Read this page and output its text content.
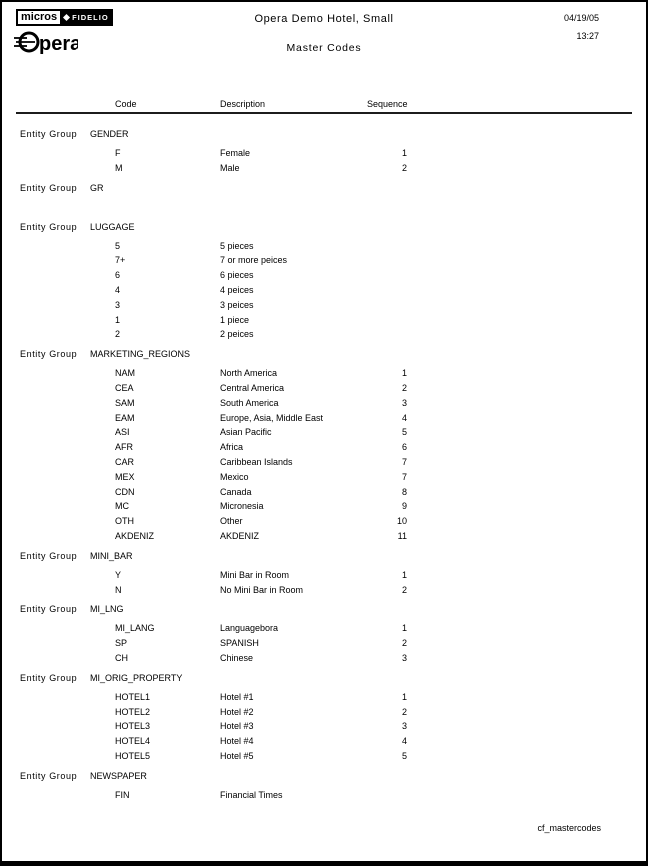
micros	FIDELIO
pera
Opera Demo Hotel, Small
Master Codes
04/19/05
13:27
Code	Description	Sequence
Entity Group	GENDER
F	Female	1
M	Male	2
Entity Group	GR
Entity Group	LUGGAGE
5	5 pieces
7+	7 or more peices
6	6 pieces
4	4 peices
3	3 peices
1	1 piece
2	2 peices
Entity Group	MARKETING_REGIONS
NAM	North America	1
CEA	Central America	2
SAM	South America	3
EAM	Europe, Asia, Middle East	4
ASI	Asian Pacific	5
AFR	Africa	6
CAR	Caribbean Islands	7
MEX	Mexico	7
CDN	Canada	8
MC	Micronesia	9
OTH	Other	10
AKDENIZ	AKDENIZ	11
Entity Group	MINI_BAR
Y	Mini Bar in Room	1
N	No Mini Bar in Room	2
Entity Group	MI_LNG
MI_LANG	Languagebora	1
SP	SPANISH	2
CH	Chinese	3
Entity Group	MI_ORIG_PROPERTY
HOTEL1	Hotel #1	1
HOTEL2	Hotel #2	2
HOTEL3	Hotel #3	3
HOTEL4	Hotel #4	4
HOTEL5	Hotel #5	5
Entity Group	NEWSPAPER
FIN	Financial Times
cf_mastercodes
